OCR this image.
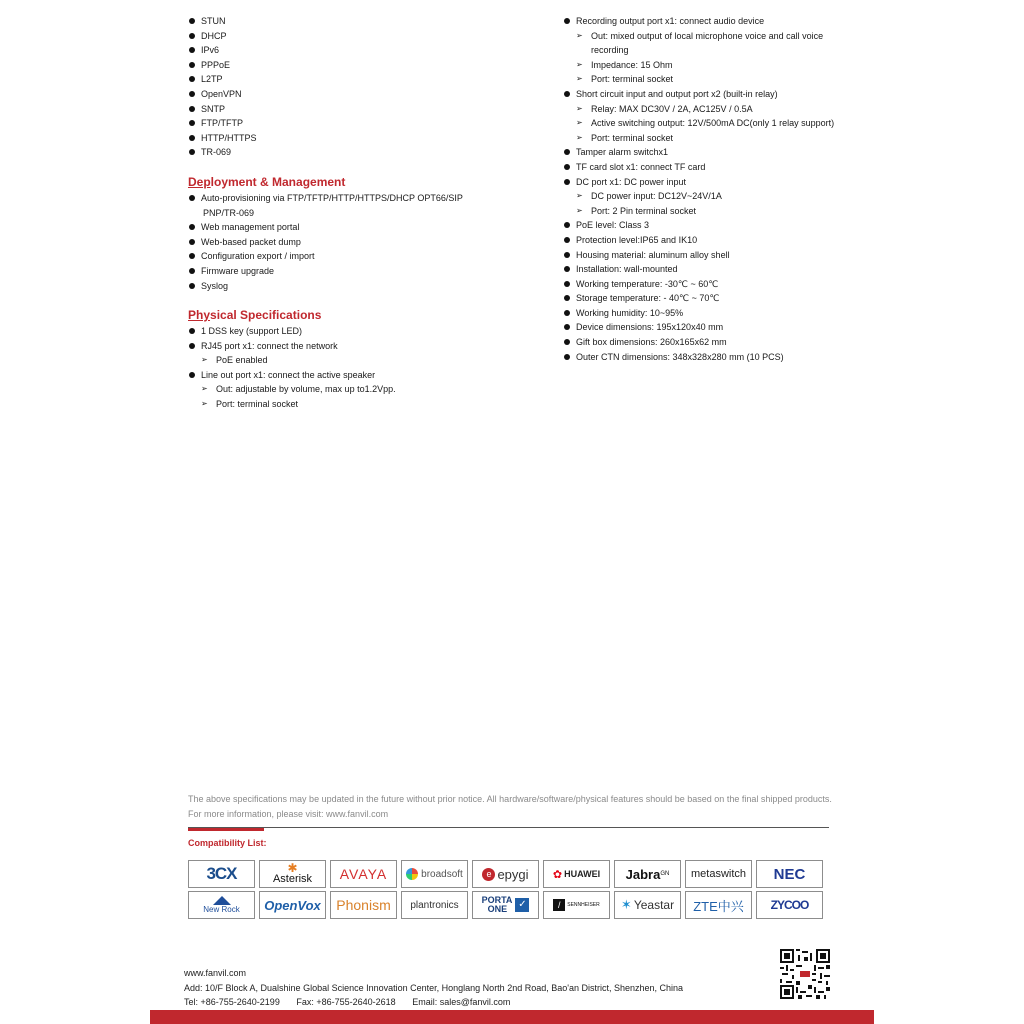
STUN
DHCP
IPv6
PPPoE
L2TP
OpenVPN
SNTP
FTP/TFTP
HTTP/HTTPS
TR-069
Deployment & Management
Auto-provisioning via FTP/TFTP/HTTP/HTTPS/DHCP OPT66/SIP
PNP/TR-069
Web management portal
Web-based packet dump
Configuration export / import
Firmware upgrade
Syslog
Physical Specifications
1 DSS key (support LED)
RJ45 port x1: connect the network
➢ PoE enabled
Line out port x1: connect the active speaker
➢ Out: adjustable by volume, max up to1.2Vpp.
➢ Port: terminal socket
Recording output port x1: connect audio device
➢ Out: mixed output of local microphone voice and call voice
recording
➢ Impedance: 15 Ohm
➢ Port: terminal socket
Short circuit input and output port x2 (built-in relay)
➢ Relay: MAX DC30V / 2A, AC125V / 0.5A
➢ Active switching output: 12V/500mA DC(only 1 relay support)
➢ Port: terminal socket
Tamper alarm switchx1
TF card slot x1: connect TF card
DC port x1: DC power input
➢ DC power input: DC12V~24V/1A
➢ Port: 2 Pin terminal socket
PoE level: Class 3
Protection level:IP65 and IK10
Housing material: aluminum alloy shell
Installation: wall-mounted
Working temperature: -30℃ ~ 60℃
Storage temperature: - 40℃ ~ 70℃
Working humidity: 10~95%
Device dimensions: 195x120x40 mm
Gift box dimensions: 260x165x62 mm
Outer CTN dimensions: 348x328x280 mm (10 PCS)
The above specifications may be updated in the future without prior notice. All hardware/software/physical features should be based on the final shipped products.
For more information, please visit: www.fanvil.com
Compatibility List:
3CX	✱
Asterisk AVAYA	broadsoft	e epygi ✿ HUAWEI Jabra GN metaswitch NEC
New Rock OpenVox Phonism plantronics	PORTA
ONE	✓	/	SENNHEISER ✶ Yeastar ZTE中兴 ZYCOO
www.fanvil.com
Add: 10/F Block A, Dualshine Global Science Innovation Center, Honglang North 2nd Road, Bao'an District, Shenzhen, China
Tel: +86-755-2640-2199 Fax: +86-755-2640-2618 Email: sales@fanvil.com
